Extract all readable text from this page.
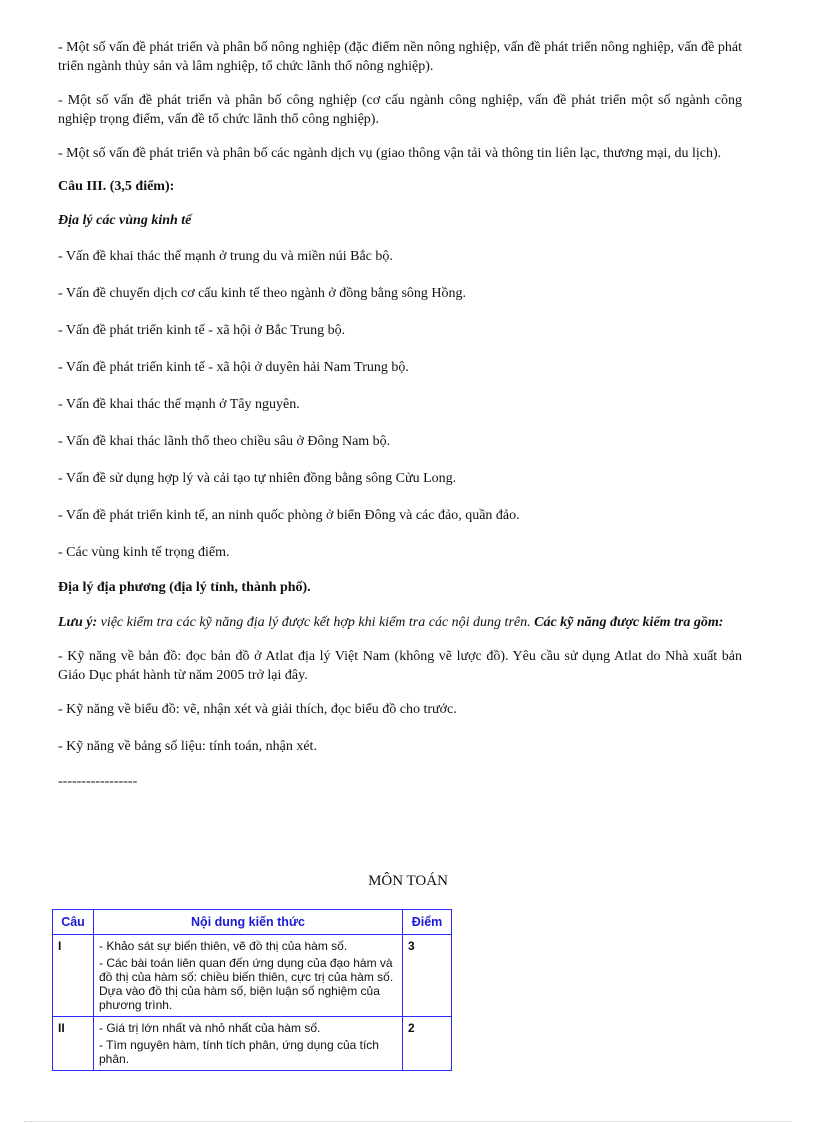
- Một số vấn đề phát triển và phân bố nông nghiệp (đặc điểm nền nông nghiệp, vấn đề phát triển nông nghiệp, vấn đề phát triển ngành thủy sản và lâm nghiệp, tổ chức lãnh thổ nông nghiệp).

- Một số vấn đề phát triển và phân bố công nghiệp (cơ cấu ngành công nghiệp, vấn đề phát triển một số ngành công nghiệp trọng điểm, vấn đề tổ chức lãnh thổ công nghiệp).

- Một số vấn đề phát triển và phân bố các ngành dịch vụ (giao thông vận tải và thông tin liên lạc, thương mại, du lịch).

Câu III. (3,5 điểm):

Địa lý các vùng kinh tế

- Vấn đề khai thác thế mạnh ở trung du và miền núi Bắc bộ.

- Vấn đề chuyển dịch cơ cấu kinh tế theo ngành ở đồng bằng sông Hồng.

- Vấn đề phát triển kinh tế - xã hội ở Bắc Trung bộ.

- Vấn đề phát triển kinh tế - xã hội ở duyên hải Nam Trung bộ.

- Vấn đề khai thác thế mạnh ở Tây nguyên.

- Vấn đề khai thác lãnh thổ theo chiều sâu ở Đông Nam bộ.

- Vấn đề sử dụng hợp lý và cải tạo tự nhiên đồng bằng sông Cửu Long.

- Vấn đề phát triển kinh tế, an ninh quốc phòng ở biển Đông và các đảo, quần đảo.

- Các vùng kinh tế trọng điểm.

Địa lý địa phương (địa lý tỉnh, thành phố).

Lưu ý: việc kiểm tra các kỹ năng địa lý được kết hợp khi kiểm tra các nội dung trên. Các kỹ năng được kiểm tra gồm:

- Kỹ năng về bản đồ: đọc bản đồ ở Atlat địa lý Việt Nam (không vẽ lược đồ). Yêu cầu sử dụng Atlat do Nhà xuất bản Giáo Dục phát hành từ năm 2005 trở lại đây.

- Kỹ năng về biểu đồ: vẽ, nhận xét và giải thích, đọc biểu đồ cho trước.

- Kỹ năng về bảng số liệu: tính toán, nhận xét.

-----------------

MÔN TOÁN
Câu	Nội dung kiến thức	Điểm
I	- Khảo sát sự biến thiên, vẽ đồ thị của hàm số.

- Các bài toán liên quan đến ứng dụng của đạo hàm và đồ thị của hàm số: chiều biến thiên, cực trị của hàm số. Dựa vào đồ thị của hàm số, biện luận số nghiệm của phương trình.	3
II	- Giá trị lớn nhất và nhỏ nhất của hàm số.

- Tìm nguyên hàm, tính tích phân, ứng dụng của tích phân.	2
